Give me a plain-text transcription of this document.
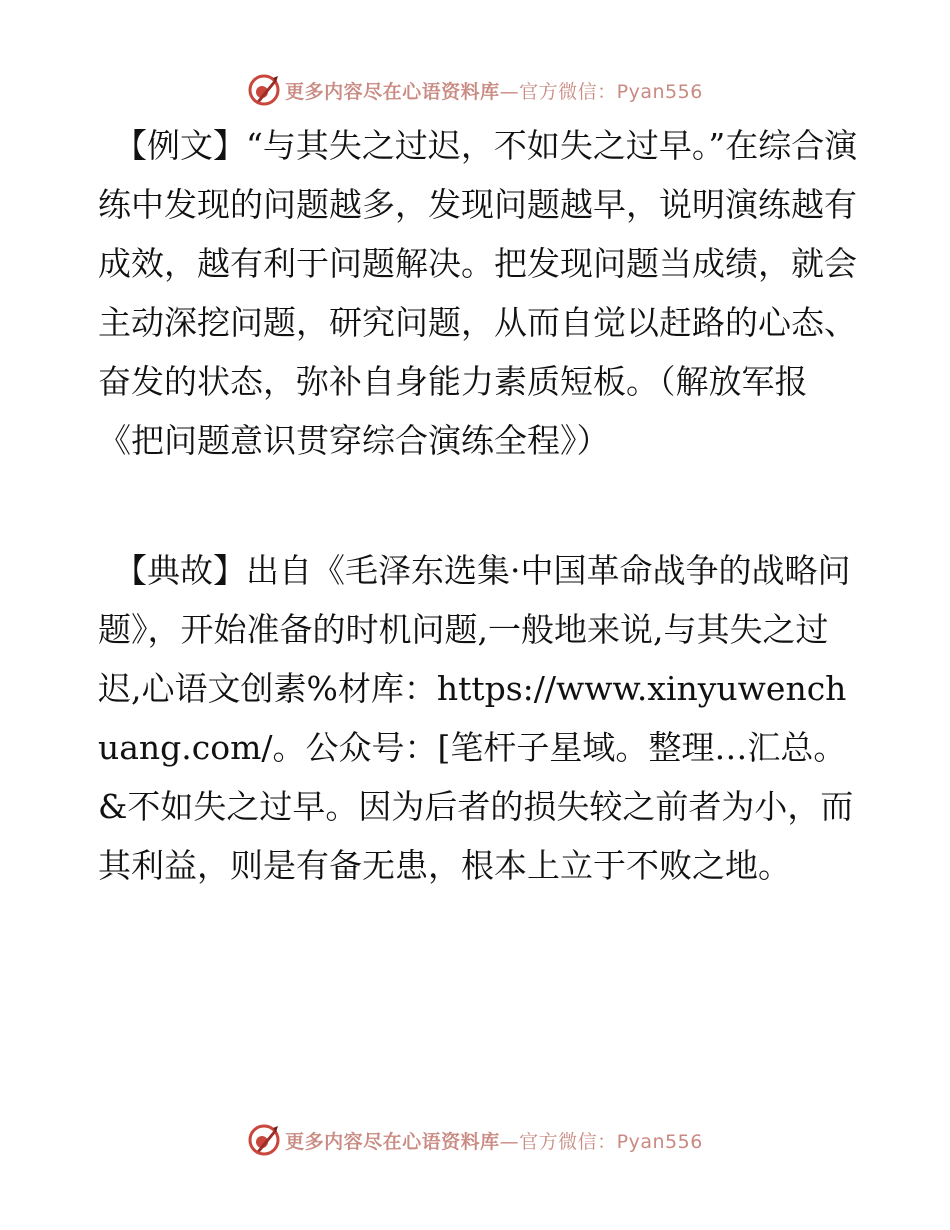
更多内容尽在心语资料库—官方微信：Pyan556

【例文】“与其失之过迟，不如失之过早。”在综合演练中发现的问题越多，发现问题越早，说明演练越有成效，越有利于问题解决。把发现问题当成绩，就会主动深挖问题，研究问题，从而自觉以赶路的心态、奋发的状态，弥补自身能力素质短板。（解放军报《把问题意识贯穿综合演练全程》）

【典故】出自《毛泽东选集·中国革命战争的战略问题》，开始准备的时机问题,一般地来说,与其失之过迟,心语文创素%材库：https://www.xinyuwenchuang.com/。公众号：[笔杆子星域。整理…汇总。&不如失之过早。因为后者的损失较之前者为小，而其利益，则是有备无患，根本上立于不败之地。

更多内容尽在心语资料库—官方微信：Pyan556
